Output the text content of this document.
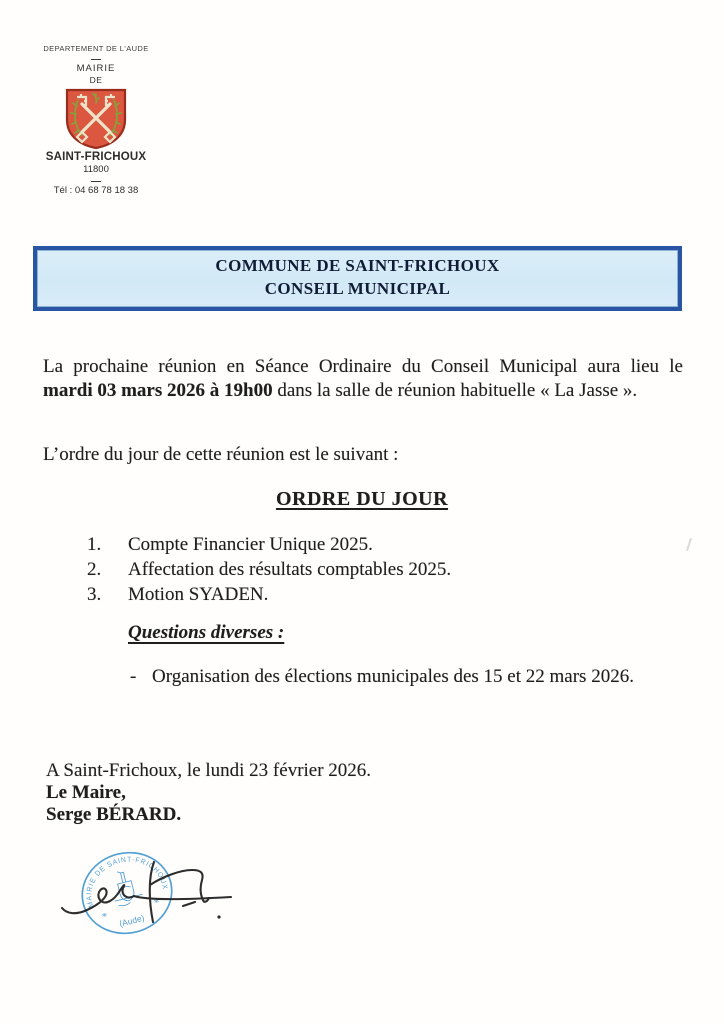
DEPARTEMENT DE L'AUDE
MAIRIE
DE
SAINT-FRICHOUX
11800
Tél : 04 68 78 18 38
COMMUNE DE SAINT-FRICHOUX
CONSEIL MUNICIPAL

La prochaine réunion en Séance Ordinaire du Conseil Municipal aura lieu le mardi 03 mars 2026 à 19h00 dans la salle de réunion habituelle « La Jasse ».

L’ordre du jour de cette réunion est le suivant :

ORDRE DU JOUR
1. Compte Financier Unique 2025.
2. Affectation des résultats comptables 2025.
3. Motion SYADEN.
Questions diverses :
- Organisation des élections municipales des 15 et 22 mars 2026.
A Saint-Frichoux, le lundi 23 février 2026.
Le Maire,
Serge BÉRARD.
MAIRIE DE SAINT-FRICHOUX
(Aude)
*
*
